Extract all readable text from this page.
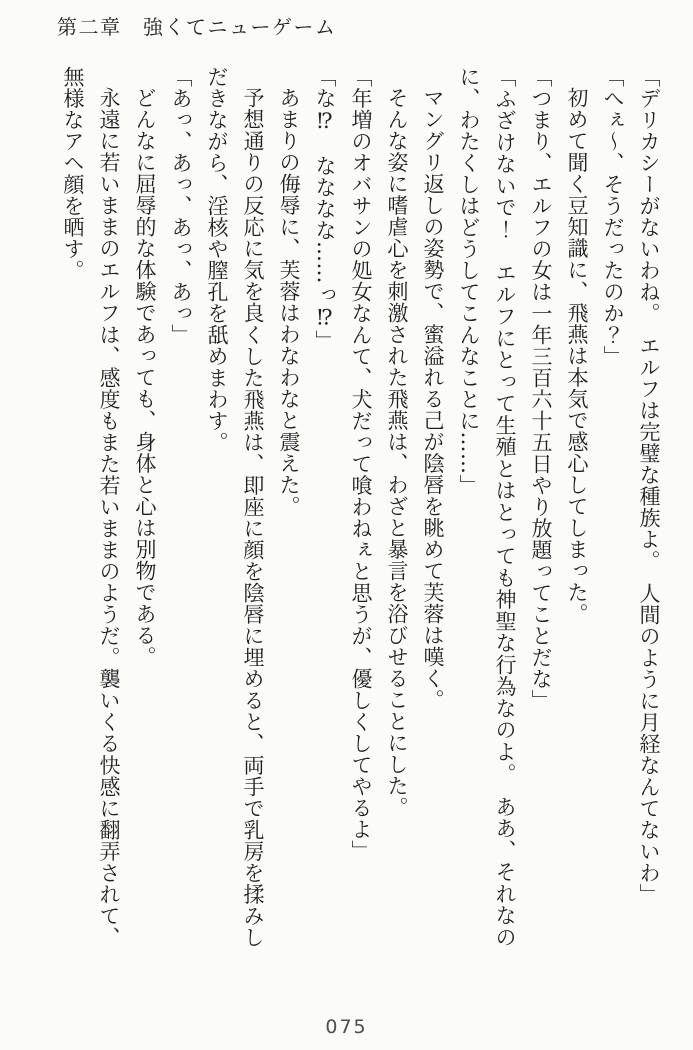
第二章　強くてニューゲーム

「デリカシーがないわね。　エルフは完璧な種族よ。　人間のように月経なんてないわ」

「へぇ〜、そうだったのか？」

初めて聞く豆知識に、飛燕は本気で感心してしまった。

「つまり、エルフの女は一年三百六十五日やり放題ってことだな」

「ふざけないで！　エルフにとって生殖とはとっても神聖な行為なのよ。　ああ、それなのに、わたくしはどうしてこんなことに……」

マングリ返しの姿勢で、蜜溢れる己が陰唇を眺めて芙蓉は嘆く。

そんな姿に嗜虐心を刺激された飛燕は、わざと暴言を浴びせることにした。

「年増のオバサンの処女なんて、犬だって喰わねぇと思うが、優しくしてやるよ」

「な⁉　なななな……っ⁉」

あまりの侮辱に、芙蓉はわなわなと震えた。

予想通りの反応に気を良くした飛燕は、即座に顔を陰唇に埋めると、両手で乳房を揉みしだきながら、淫核や膣孔を舐めまわす。

「あっ、あっ、あっ、あっ」

どんなに屈辱的な体験であっても、身体と心は別物である。

永遠に若いままのエルフは、感度もまた若いままのようだ。襲いくる快感に翻弄されて、無様なアヘ顔を晒す。

075
